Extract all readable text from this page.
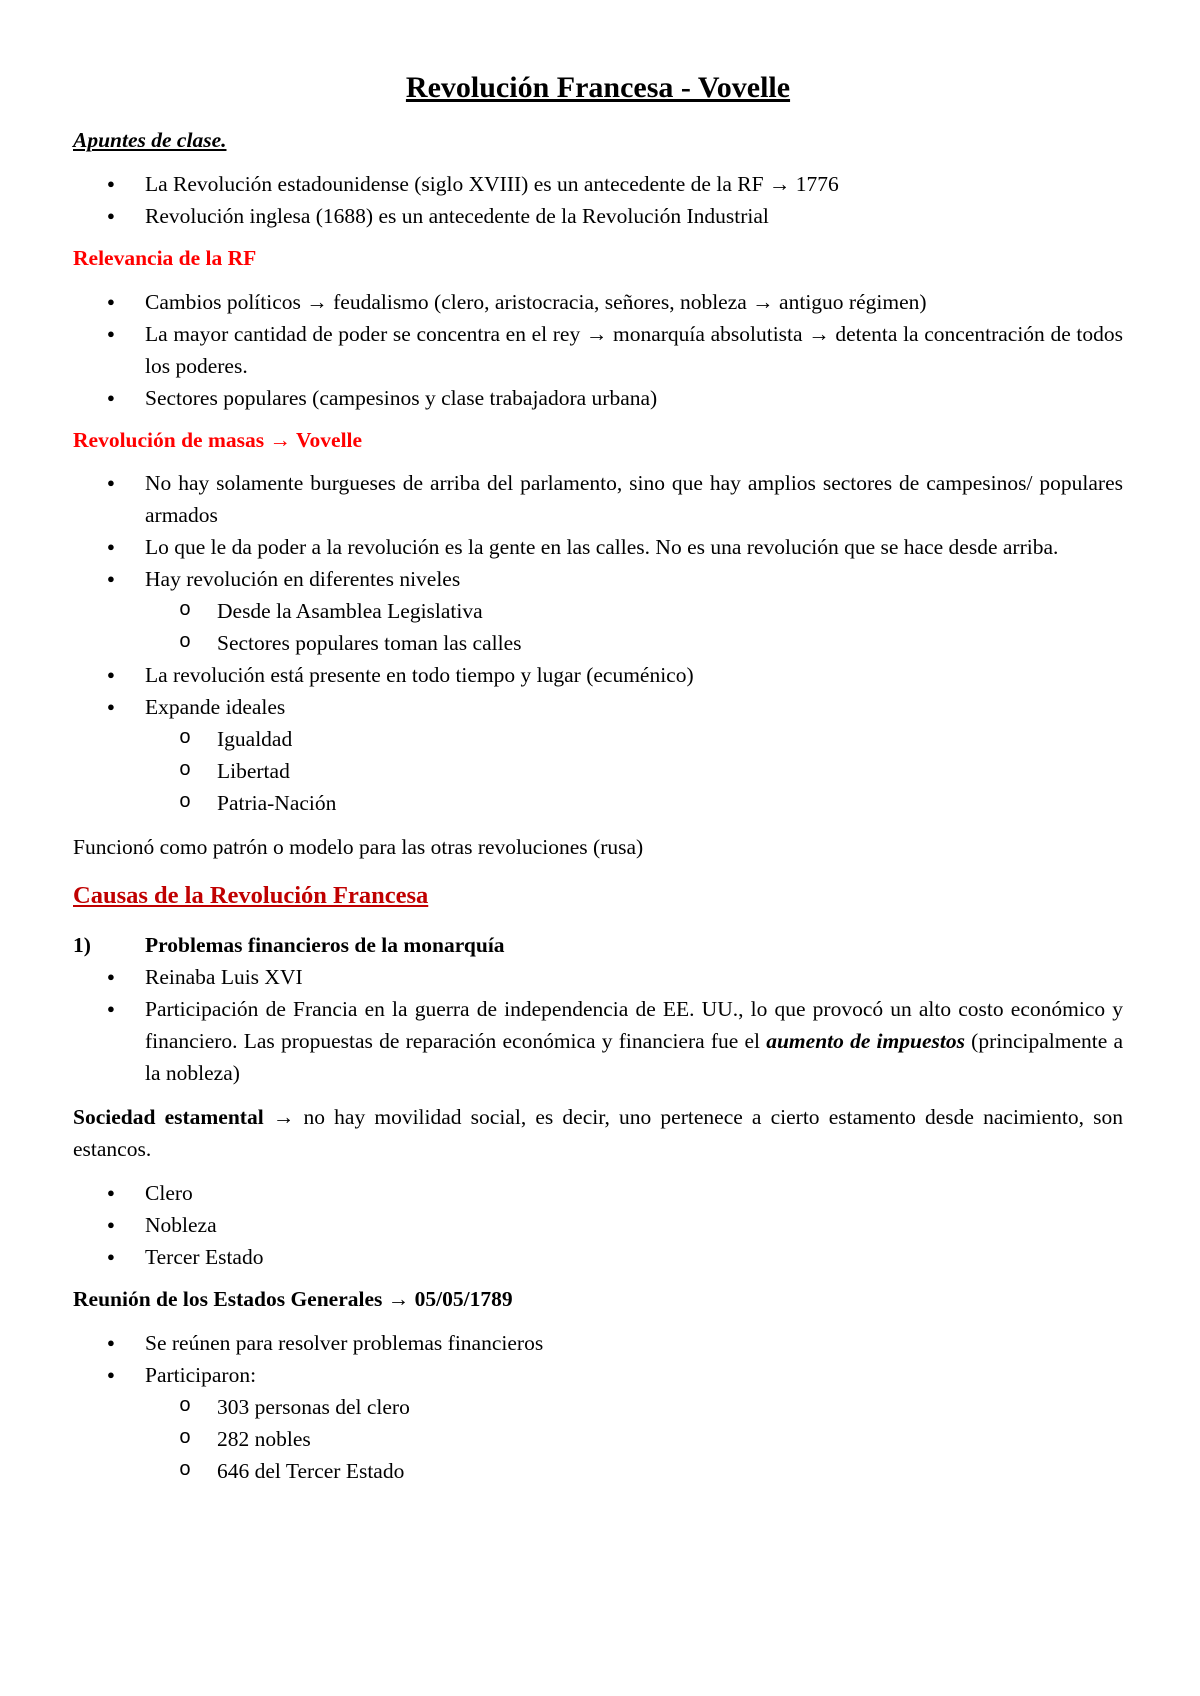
Revolución Francesa - Vovelle
Apuntes de clase.
● La Revolución estadounidense (siglo XVIII) es un antecedente de la RF → 1776
● Revolución inglesa (1688) es un antecedente de la Revolución Industrial
Relevancia de la RF
● Cambios políticos → feudalismo (clero, aristocracia, señores, nobleza → antiguo régimen)
● La mayor cantidad de poder se concentra en el rey → monarquía absolutista → detenta la concentración de todos los poderes.
● Sectores populares (campesinos y clase trabajadora urbana)
Revolución de masas → Vovelle
● No hay solamente burgueses de arriba del parlamento, sino que hay amplios sectores de campesinos/ populares armados
● Lo que le da poder a la revolución es la gente en las calles. No es una revolución que se hace desde arriba.
● Hay revolución en diferentes niveles
o Desde la Asamblea Legislativa
o Sectores populares toman las calles
● La revolución está presente en todo tiempo y lugar (ecuménico)
● Expande ideales
o Igualdad
o Libertad
o Patria-Nación
Funcionó como patrón o modelo para las otras revoluciones (rusa)
Causas de la Revolución Francesa
1)	Problemas financieros de la monarquía
● Reinaba Luis XVI
● Participación de Francia en la guerra de independencia de EE. UU., lo que provocó un alto costo económico y financiero. Las propuestas de reparación económica y financiera fue el aumento de impuestos (principalmente a la nobleza)
Sociedad estamental → no hay movilidad social, es decir, uno pertenece a cierto estamento desde nacimiento, son estancos.
● Clero
● Nobleza
● Tercer Estado
Reunión de los Estados Generales → 05/05/1789
● Se reúnen para resolver problemas financieros
● Participaron:
o 303 personas del clero
o 282 nobles
o 646 del Tercer Estado
